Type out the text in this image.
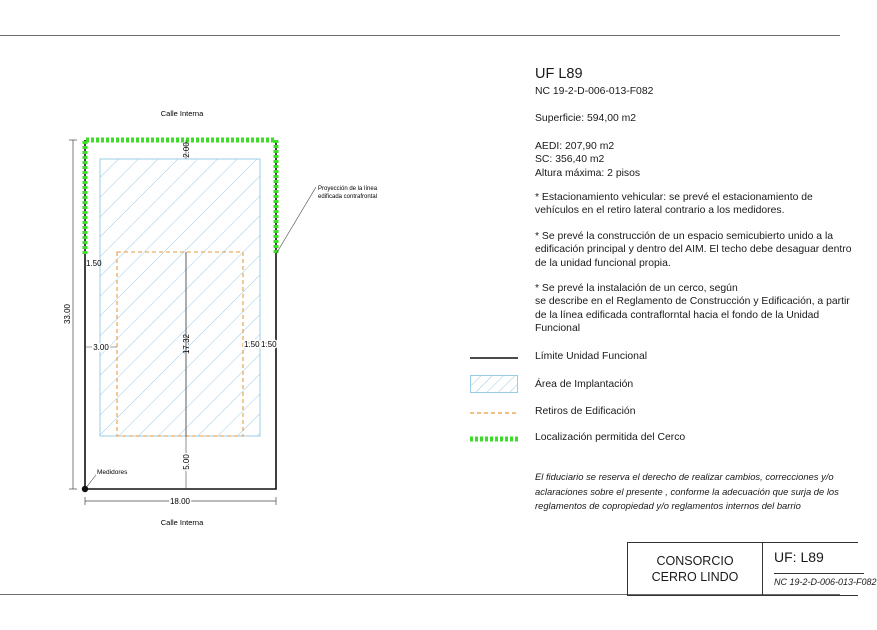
Calle Interna
Calle Interna
33.00
18.00
2.00
1.50
3.00	17.32	1.50 1.50
5.00
Proyección de la línea
edificada contrafrontal
Medidores
UF L89

NC 19-2-D-006-013-F082

Superficie: 594,00 m2

AEDI: 207,90 m2

SC: 356,40 m2

Altura máxima: 2 pisos

* Estacionamiento vehicular: se prevé el estacionamiento de

vehículos en el retiro lateral contrario a los medidores.

* Se prevé la construcción de un espacio semicubierto unido a la

edificación principal y dentro del AIM. El techo debe desaguar dentro

de la unidad funcional propia.

* Se prevé la instalación de un cerco, según

se describe en el Reglamento de Construcción y Edificación, a partir

de la línea edificada contraflorntal hacia el fondo de la Unidad

Funcional

Límite Unidad Funcional
Área de Implantación
Retiros de Edificación
Localización permitida del Cerco
El fiduciario se reserva el derecho de realizar cambios, correcciones y/o
aclaraciones sobre el presente , conforme la adecuación que surja de los
reglamentos de copropiedad y/o reglamentos internos del barrio
CONSORCIO
CERRO LINDO
UF: L89
NC 19-2-D-006-013-F082
